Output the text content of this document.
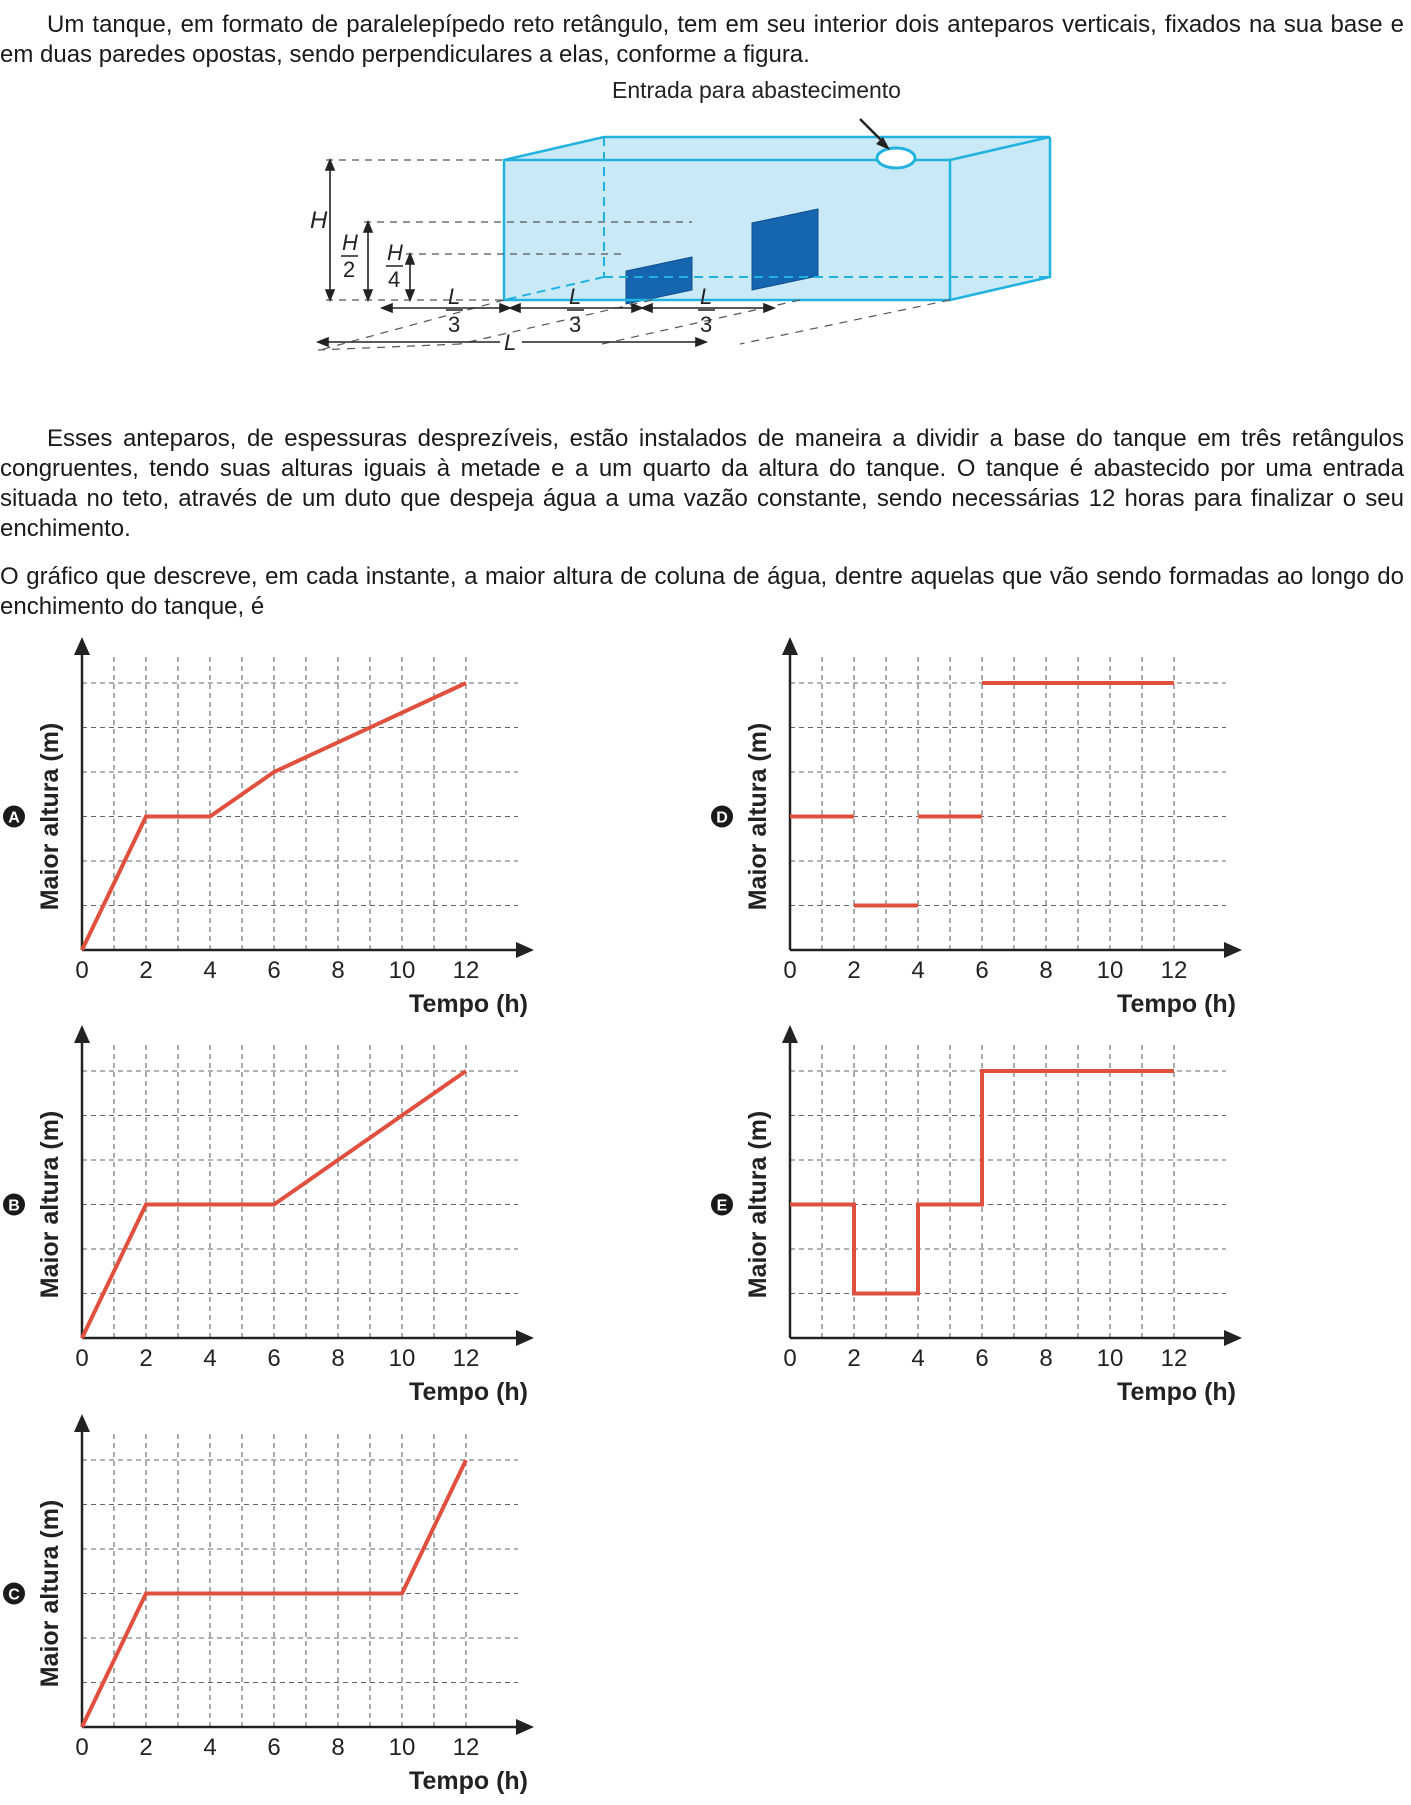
Um tanque, em formato de paralelepípedo reto retângulo, tem em seu interior dois anteparos verticais, fixados na sua base e em duas paredes opostas, sendo perpendiculares a elas, conforme a figura.

Entrada para abastecimento
H
H
2
H
4
L
3
L
3
L
3
L

Esses anteparos, de espessuras desprezíveis, estão instalados de maneira a dividir a base do tanque em três retângulos congruentes, tendo suas alturas iguais à metade e a um quarto da altura do tanque. O tanque é abastecido por uma entrada situada no teto, através de um duto que despeja água a uma vazão constante, sendo necessárias 12 horas para finalizar o seu enchimento.

O gráfico que descreve, em cada instante, a maior altura de coluna de água, dentre aquelas que vão sendo formadas ao longo do enchimento do tanque, é

0 2 4 6 8 10 12
Tempo (h)
Maior altura (m)
A
0 2 4 6 8 10 12
Tempo (h)
Maior altura (m)
D
0 2 4 6 8 10 12
Tempo (h)
Maior altura (m)
B
0 2 4 6 8 10 12
Tempo (h)
Maior altura (m)
E
0 2 4 6 8 10 12
Tempo (h)
Maior altura (m)
C
